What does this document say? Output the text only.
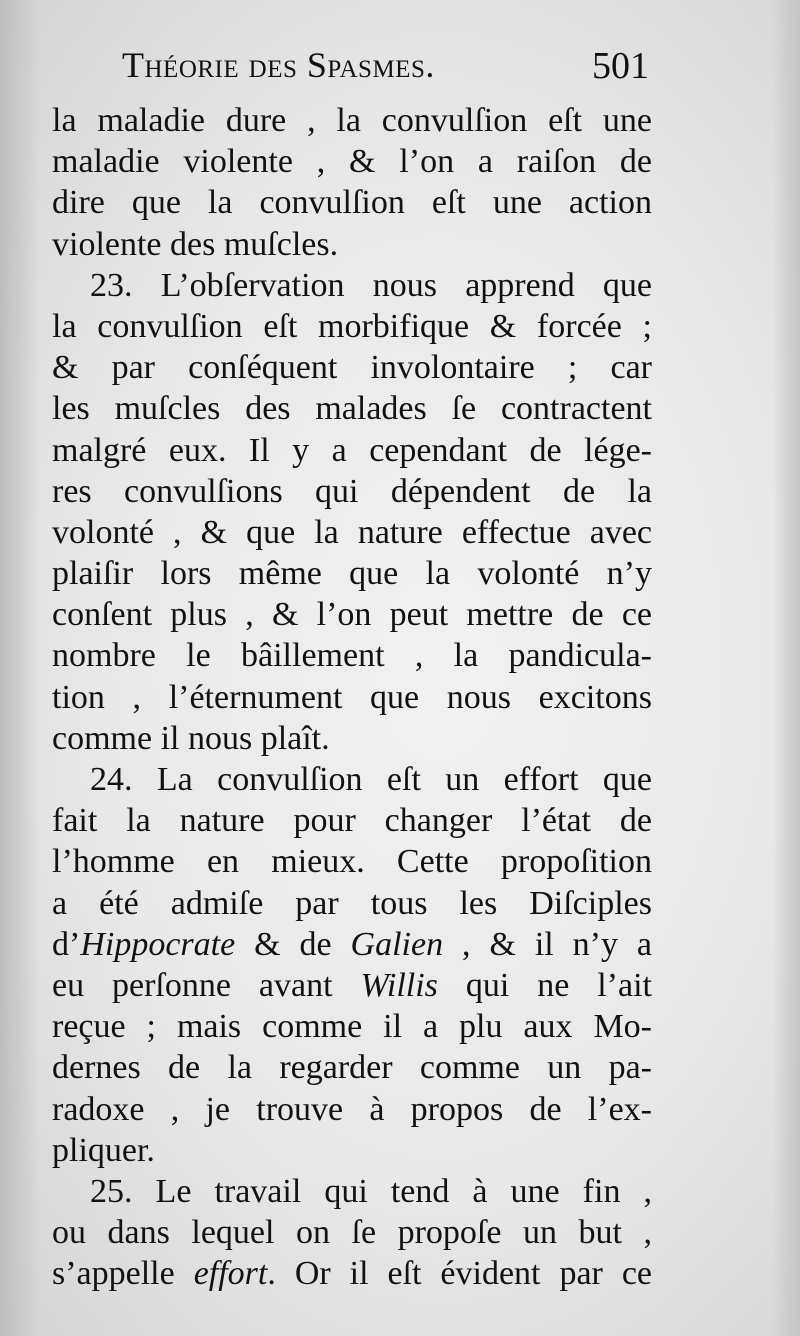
Théorie des Spasmes.	501
la maladie dure , la convulſion eſt une
maladie violente , & l’on a raiſon de
dire que la convulſion eſt une action
violente des muſcles.
23. L’obſervation nous apprend que
la convulſion eſt morbifique & forcée ;
& par conſéquent involontaire ; car
les muſcles des malades ſe contractent
malgré eux. Il y a cependant de lége-
res convulſions qui dépendent de la
volonté , & que la nature effectue avec
plaiſir lors même que la volonté n’y
conſent plus , & l’on peut mettre de ce
nombre le bâillement , la pandicula-
tion , l’éternument que nous excitons
comme il nous plaît.
24. La convulſion eſt un effort que
fait la nature pour changer l’état de
l’homme en mieux. Cette propoſition
a été admiſe par tous les Diſciples
d’Hippocrate & de Galien , & il n’y a
eu perſonne avant Willis qui ne l’ait
reçue ; mais comme il a plu aux Mo-
dernes de la regarder comme un pa-
radoxe , je trouve à propos de l’ex-
pliquer.
25. Le travail qui tend à une fin ,
ou dans lequel on ſe propoſe un but ,
s’appelle effort. Or il eſt évident par ce
